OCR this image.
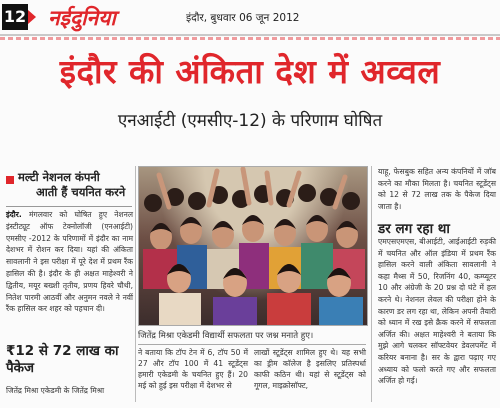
12 नईदुनिया	इंदौर, बुधवार 06 जून 2012
इंदौर की अंकिता देश में अव्वल
एनआईटी (एमसीए-12) के परिणाम घोषित
मल्टी नेशनल कंपनी
आती हैं चयनित करने
इंदौर. मंगलवार को घोषित हुए नेशनल इंस्टीट्यूट ऑफ टेक्नोलॉजी (एनआईटी) एमसीए -2012 के परिणामों में इंदौर का नाम देशभर में रोशन कर दिया। यहां की अंकिता सावलानी ने इस परीक्षा में पूरे देश में प्रथम रैंक हासिल की है। इंदौर के ही अक्षत माहेश्वरी ने द्वितीय, मयूर बख्शी तृतीय, प्रणय हिवरे चौथी, नितेश पारमी आठवीं और अनुमन नवले ने नवीं रैंक हासिल कर शहर को पहचान दी।
₹12 से 72 लाख का पैकेज
जितेंद्र मिश्रा एकेडमी के जितेंद्र मिश्रा
जितेंद्र मिश्रा एकेडमी विद्यार्थी सफलता पर जश्न मनाते हुए।
ने बताया कि टॉप टेन में 6, टॉप 50 में 27 और टॉप 100 में 41 स्टूडेंट्स हमारी एकेडमी के चयनित हुए हैं। 20 मई को हुई इस परीक्षा में देशभर से
लाखों स्टूडेंट्स शामिल हुए थे। यह सभी का ड्रीम कॉलेज है इसलिए प्रतिस्पर्धा काफी कठिन थी। यहां से स्टूडेंट्स को गूगल, माइक्रोसॉफ्ट,
याहू, फेसबुक सहित अन्य कंपनियों में जॉब करने का मौका मिलता है। चयनित स्टूडेंट्स को 12 से 72 लाख तक के पैकेज दिया जाता है।
डर लग रहा था
एमएसएमएस, बीआईटी, आईआईटी रुड़की में चयनित और ऑल इंडिया में प्रथम रैंक हासिल करने वाली अंकिता सावलानी ने कहा मैथ्स में 50, रिजनिंग 40, कम्प्यूटर 10 और अंग्रेजी के 20 प्रश्न दो घंटे में हल करने थे। नेशनल लेवल की परीक्षा होने के कारण डर लग रहा था, लेकिन अपनी तैयारी को ध्यान में रख इसे क्रैक करने में सफलता अर्जित की। अक्षत माहेश्वरी ने बताया कि मुझे आगे चलकर सॉफ्टवेयर डेवलपमेंट में करियर बनाना है। सर के द्वारा पढ़ाए गए अध्याय को फलो करते गए और सफलता अर्जित हो गई।
